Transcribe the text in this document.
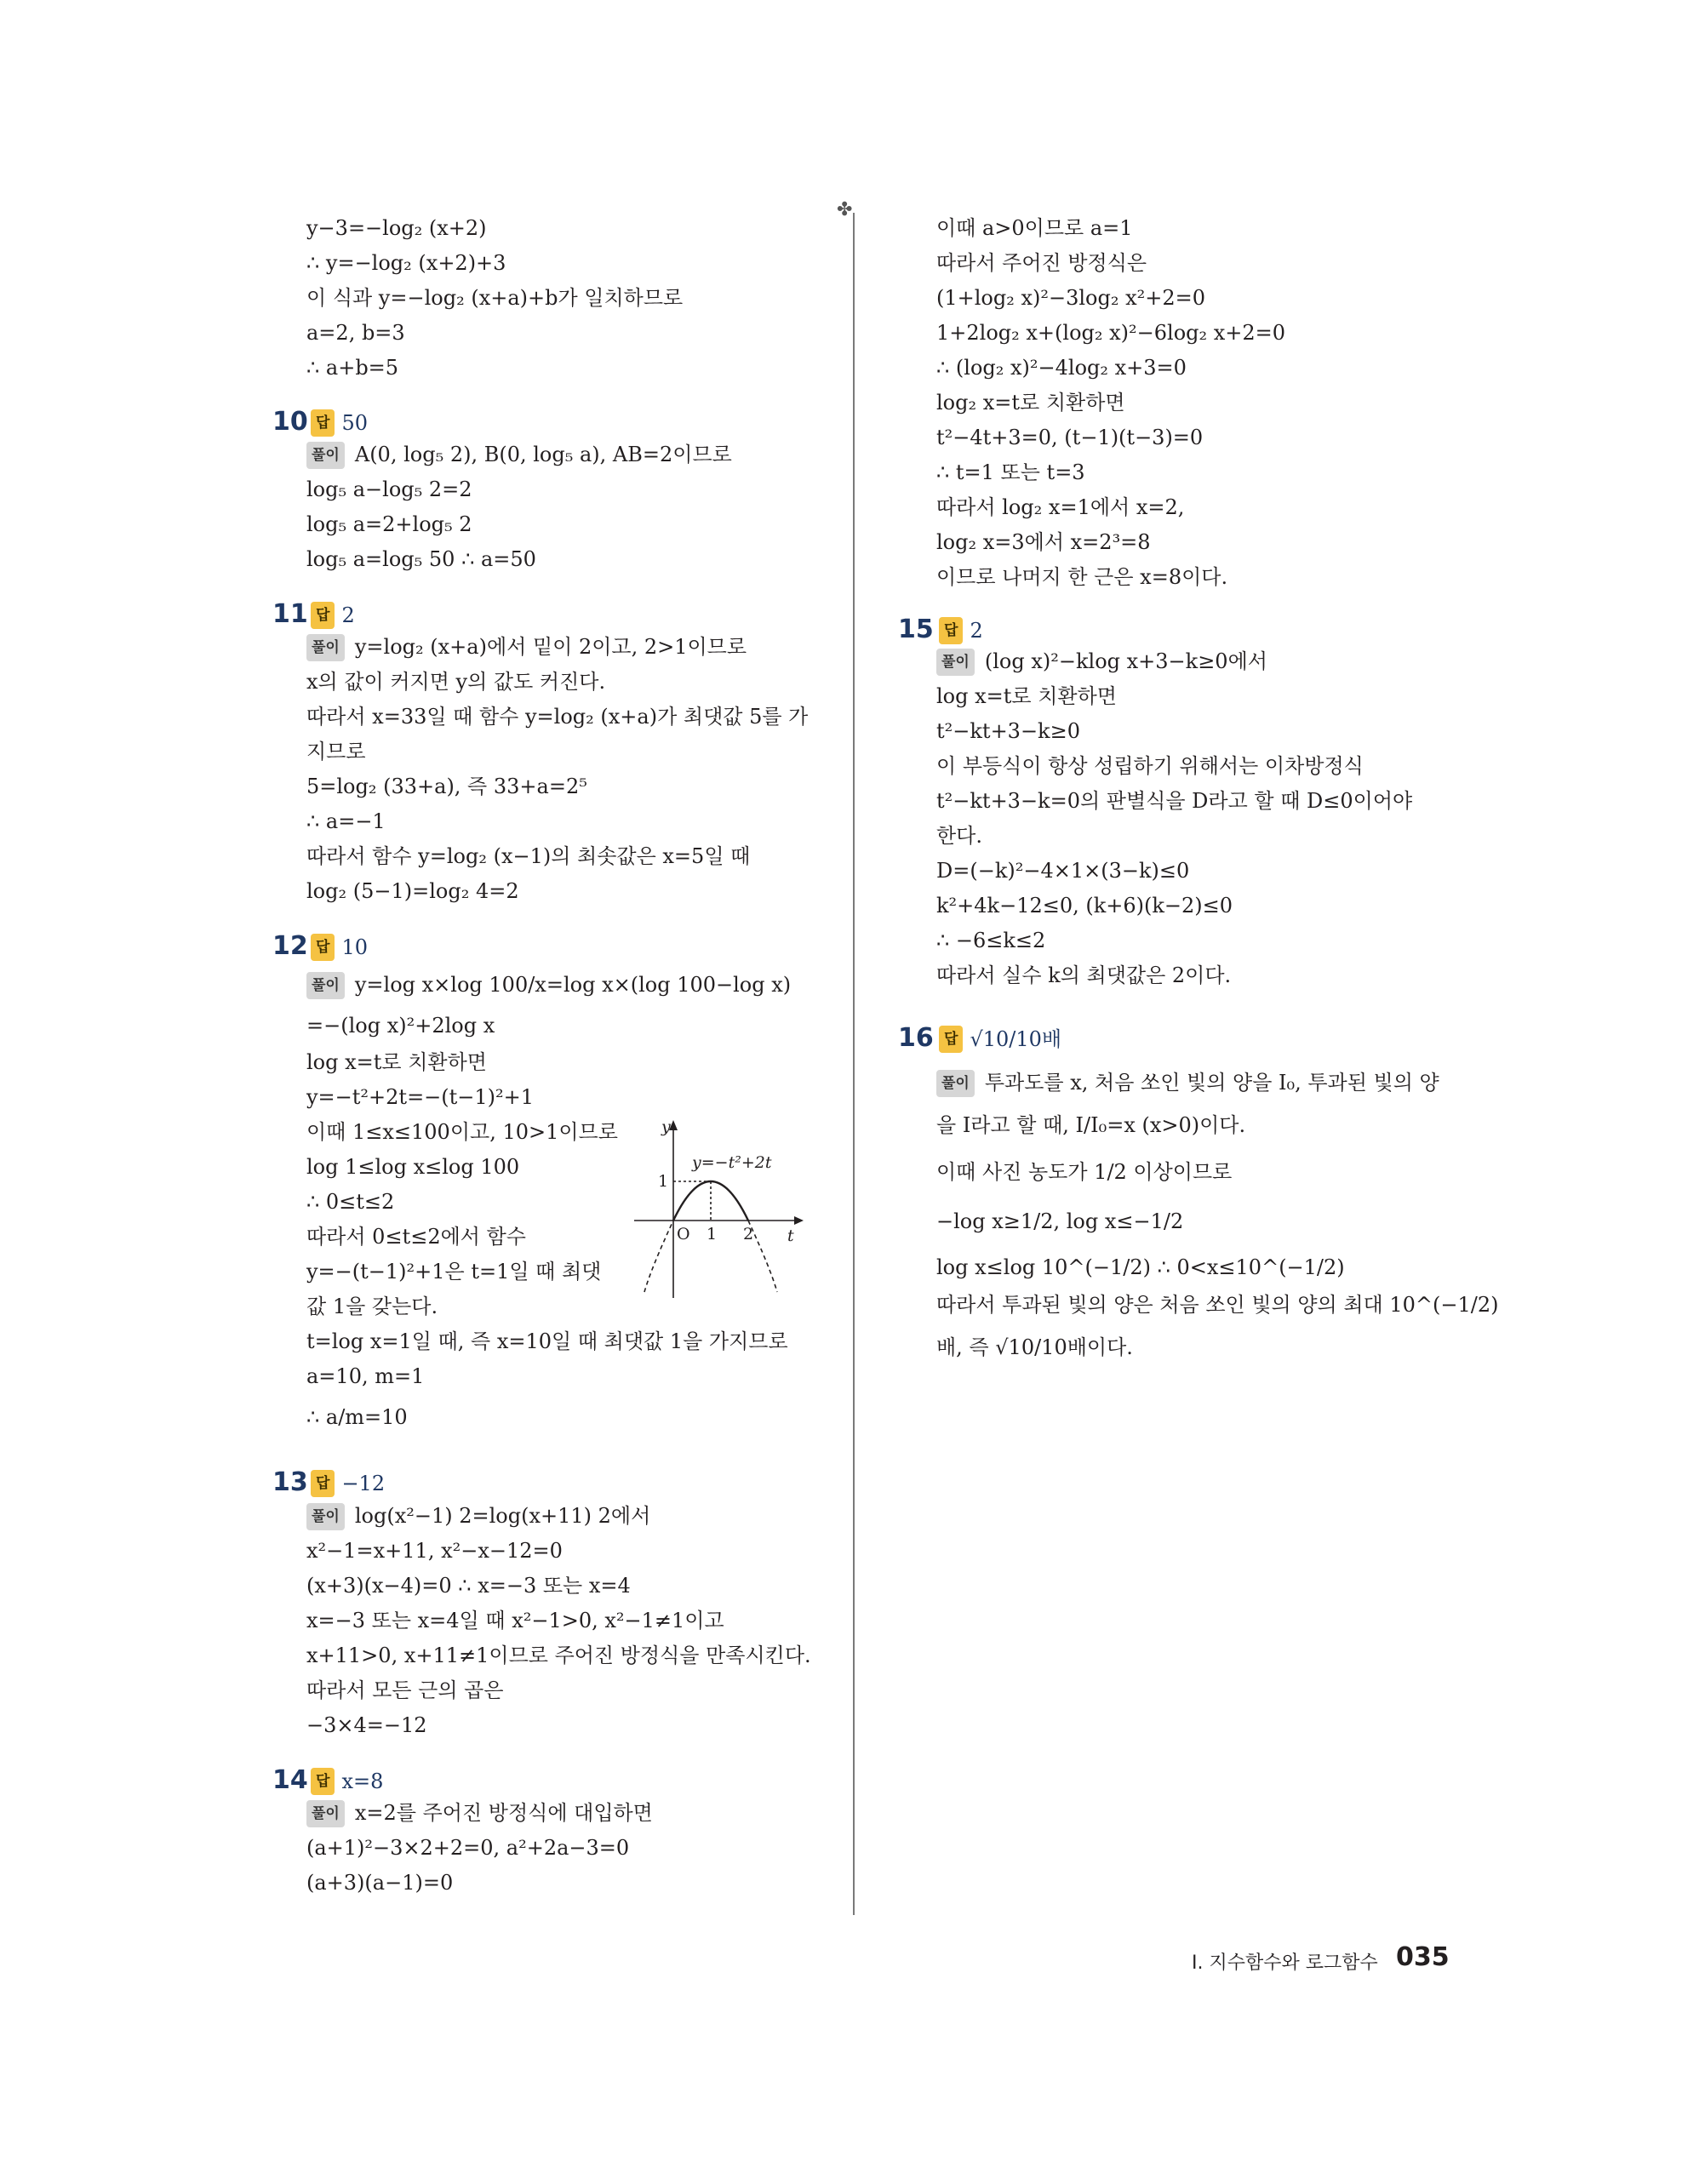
✤
y−3=−log₂ (x+2)
∴ y=−log₂ (x+2)+3
이 식과 y=−log₂ (x+a)+b가 일치하므로
a=2, b=3
∴ a+b=5
10 답 50
풀이 A(0, log₅ 2), B(0, log₅ a), AB=2이므로
log₅ a−log₅ 2=2
log₅ a=2+log₅ 2
log₅ a=log₅ 50 ∴ a=50
11 답 2
풀이 y=log₂ (x+a)에서 밑이 2이고, 2>1이므로
x의 값이 커지면 y의 값도 커진다.
따라서 x=33일 때 함수 y=log₂ (x+a)가 최댓값 5를 가
지므로
5=log₂ (33+a), 즉 33+a=2⁵
∴ a=−1
따라서 함수 y=log₂ (x−1)의 최솟값은 x=5일 때
log₂ (5−1)=log₂ 4=2
12 답 10
풀이 y=log x×log 100/x=log x×(log 100−log x)
=−(log x)²+2log x
log x=t로 치환하면
y=−t²+2t=−(t−1)²+1
이때 1≤x≤100이고, 10>1이므로
log 1≤log x≤log 100
∴ 0≤t≤2
따라서 0≤t≤2에서 함수
y=−(t−1)²+1은 t=1일 때 최댓
값 1을 갖는다.
t=log x=1일 때, 즉 x=10일 때 최댓값 1을 가지므로
a=10, m=1
∴ a/m=10
13 답 −12
풀이 log(x²−1) 2=log(x+11) 2에서
x²−1=x+11, x²−x−12=0
(x+3)(x−4)=0 ∴ x=−3 또는 x=4
x=−3 또는 x=4일 때 x²−1>0, x²−1≠1이고
x+11>0, x+11≠1이므로 주어진 방정식을 만족시킨다.
따라서 모든 근의 곱은
−3×4=−12
14 답 x=8
풀이 x=2를 주어진 방정식에 대입하면
(a+1)²−3×2+2=0, a²+2a−3=0
(a+3)(a−1)=0
y
t
y=−t²+2t
O 1 2
1
이때 a>0이므로 a=1
따라서 주어진 방정식은
(1+log₂ x)²−3log₂ x²+2=0
1+2log₂ x+(log₂ x)²−6log₂ x+2=0
∴ (log₂ x)²−4log₂ x+3=0
log₂ x=t로 치환하면
t²−4t+3=0, (t−1)(t−3)=0
∴ t=1 또는 t=3
따라서 log₂ x=1에서 x=2,
log₂ x=3에서 x=2³=8
이므로 나머지 한 근은 x=8이다.
15 답 2
풀이 (log x)²−klog x+3−k≥0에서
log x=t로 치환하면
t²−kt+3−k≥0
이 부등식이 항상 성립하기 위해서는 이차방정식
t²−kt+3−k=0의 판별식을 D라고 할 때 D≤0이어야
한다.
D=(−k)²−4×1×(3−k)≤0
k²+4k−12≤0, (k+6)(k−2)≤0
∴ −6≤k≤2
따라서 실수 k의 최댓값은 2이다.
16 답 √10/10배
풀이 투과도를 x, 처음 쏘인 빛의 양을 I₀, 투과된 빛의 양
을 I라고 할 때, I/I₀=x (x>0)이다.
이때 사진 농도가 1/2 이상이므로
−log x≥1/2, log x≤−1/2
log x≤log 10^(−1/2) ∴ 0<x≤10^(−1/2)
따라서 투과된 빛의 양은 처음 쏘인 빛의 양의 최대 10^(−1/2)
배, 즉 √10/10배이다.
Ⅰ. 지수함수와 로그함수 035
